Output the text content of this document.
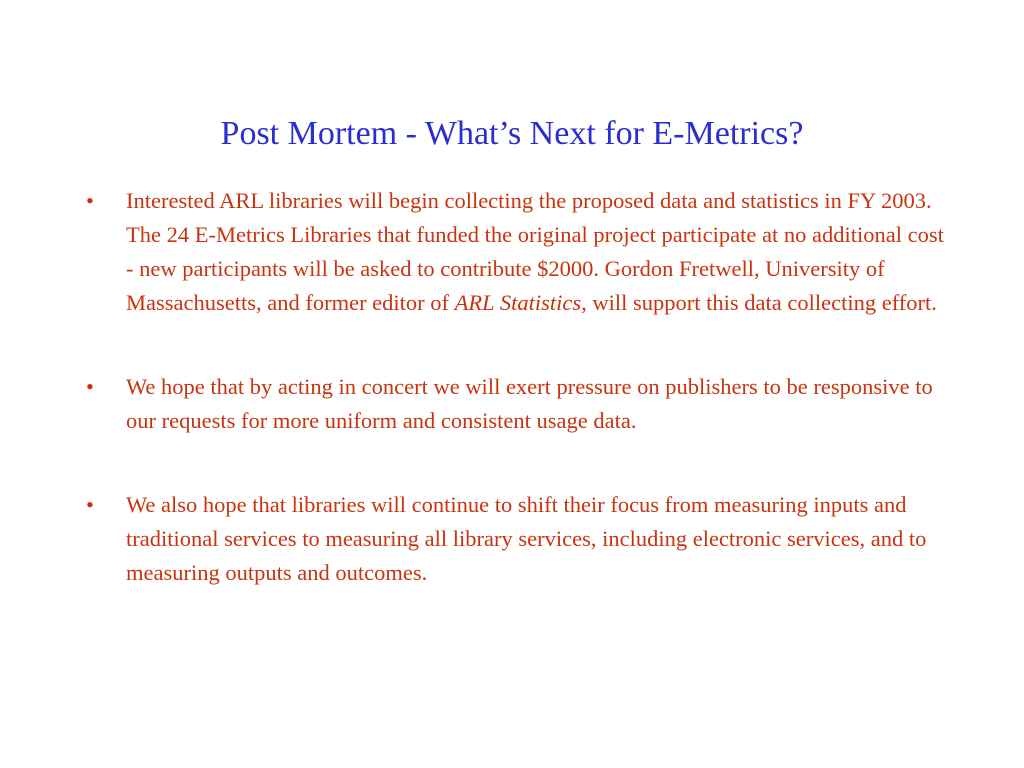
Post Mortem - What’s Next for E-Metrics?
• Interested ARL libraries will begin collecting the proposed data and statistics in FY 2003. The 24 E-Metrics Libraries that funded the original project participate at no additional cost - new participants will be asked to contribute $2000. Gordon Fretwell, University of Massachusetts, and former editor of ARL Statistics, will support this data collecting effort.
• We hope that by acting in concert we will exert pressure on publishers to be responsive to our requests for more uniform and consistent usage data.
• We also hope that libraries will continue to shift their focus from measuring inputs and traditional services to measuring all library services, including electronic services, and to measuring outputs and outcomes.
